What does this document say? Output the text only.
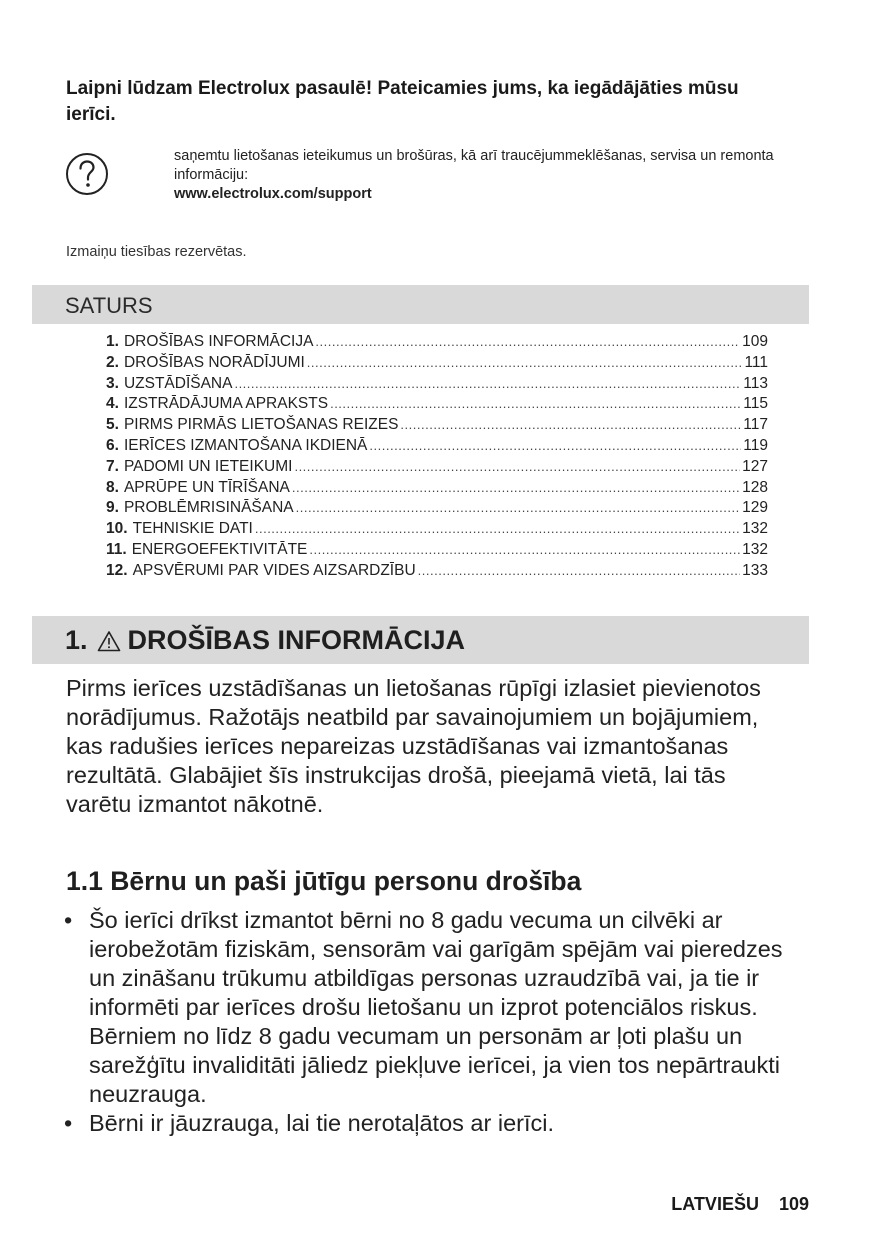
Laipni lūdzam Electrolux pasaulē! Pateicamies jums, ka iegādājāties mūsu ierīci.
saņemtu lietošanas ieteikumus un brošūras, kā arī traucējummeklēšanas, servisa un remonta informāciju:
www.electrolux.com/support
Izmaiņu tiesības rezervētas.
SATURS
1. DROŠĪBAS INFORMĀCIJA .....	109
2. DROŠĪBAS NORĀDĪJUMI .....	111
3. UZSTĀDĪŠANA .....	113
4. IZSTRĀDĀJUMA APRAKSTS .....	115
5. PIRMS PIRMĀS LIETOŠANAS REIZES .....	117
6. IERĪCES IZMANTOŠANA IKDIENĀ .....	119
7. PADOMI UN IETEIKUMI .....	127
8. APRŪPE UN TĪRĪŠANA .....	128
9. PROBLĒMRISINĀŠANA .....	129
10. TEHNISKIE DATI .....	132
11. ENERGOEFEKTIVITĀTE .....	132
12. APSVĒRUMI PAR VIDES AIZSARDZĪBU .....	133
1. DROŠĪBAS INFORMĀCIJA

Pirms ierīces uzstādīšanas un lietošanas rūpīgi izlasiet pievienotos norādījumus. Ražotājs neatbild par savainojumiem un bojājumiem, kas radušies ierīces nepareizas uzstādīšanas vai izmantošanas rezultātā. Glabājiet šīs instrukcijas drošā, pieejamā vietā, lai tās varētu izmantot nākotnē.

1.1 Bērnu un paši jūtīgu personu drošība
• Šo ierīci drīkst izmantot bērni no 8 gadu vecuma un cilvēki ar ierobežotām fiziskām, sensorām vai garīgām spējām vai pieredzes un zināšanu trūkumu atbildīgas personas uzraudzībā vai, ja tie ir informēti par ierīces drošu lietošanu un izprot potenciālos riskus. Bērniem no līdz 8 gadu vecumam un personām ar ļoti plašu un sarežģītu invaliditāti jāliedz piekļuve ierīcei, ja vien tos nepārtraukti neuzrauga.
• Bērni ir jāuzrauga, lai tie nerotaļātos ar ierīci.
LATVIEŠU 109
